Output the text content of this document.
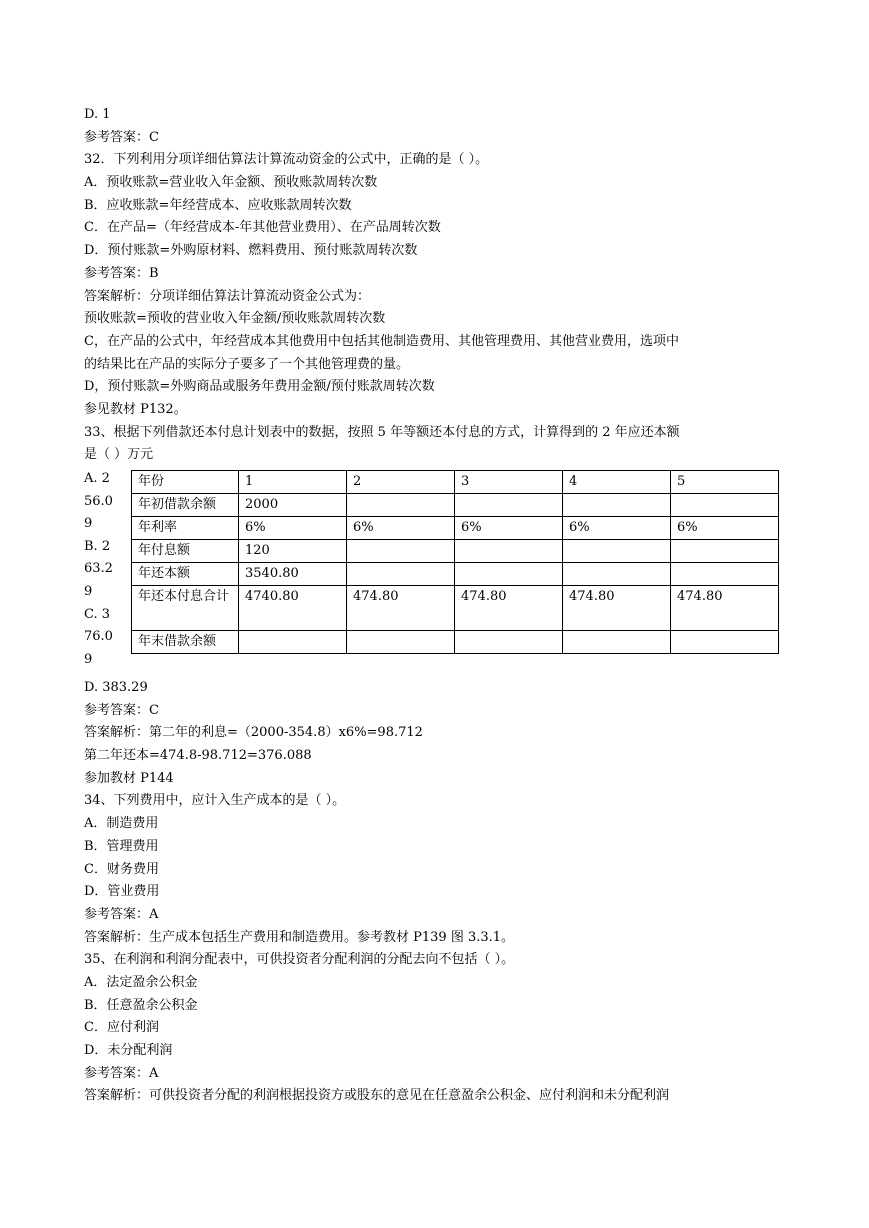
D. 1
参考答案：C
32．下列利用分项详细估算法计算流动资金的公式中，正确的是（ ）。
A．预收账款=营业收入年金额、预收账款周转次数
B．应收账款=年经营成本、应收账款周转次数
C．在产品=（年经营成本-年其他营业费用）、在产品周转次数
D．预付账款=外购原材料、燃料费用、预付账款周转次数
参考答案：B
答案解析：分项详细估算法计算流动资金公式为：
预收账款=预收的营业收入年金额/预收账款周转次数
C，在产品的公式中，年经营成本其他费用中包括其他制造费用、其他管理费用、其他营业费用，选项中
的结果比在产品的实际分子要多了一个其他管理费的量。
D，预付账款=外购商品或服务年费用金额/预付账款周转次数
参见教材 P132。
33、根据下列借款还本付息计划表中的数据，按照 5 年等额还本付息的方式，计算得到的 2 年应还本额
是（ ）万元
A. 2
56.0
9
B. 2
63.2
9
C. 3
76.0
9
年份	1	2	3	4	5
年初借款余额	2000				
年利率	6%	6%	6%	6%	6%
年付息额	120				
年还本额	3540.80				
年还本付息合计	4740.80	474.80	474.80	474.80	474.80
年末借款余额					
D. 383.29
参考答案：C
答案解析：第二年的利息=（2000-354.8）x6%=98.712
第二年还本=474.8-98.712=376.088
参加教材 P144
34、下列费用中，应计入生产成本的是（ ）。
A．制造费用
B．管理费用
C．财务费用
D．管业费用
参考答案：A
答案解析：生产成本包括生产费用和制造费用。参考教材 P139 图 3.3.1。
35、在利润和利润分配表中，可供投资者分配利润的分配去向不包括（ ）。
A．法定盈余公积金
B．任意盈余公积金
C．应付利润
D．未分配利润
参考答案：A
答案解析：可供投资者分配的利润根据投资方或股东的意见在任意盈余公积金、应付利润和未分配利润
